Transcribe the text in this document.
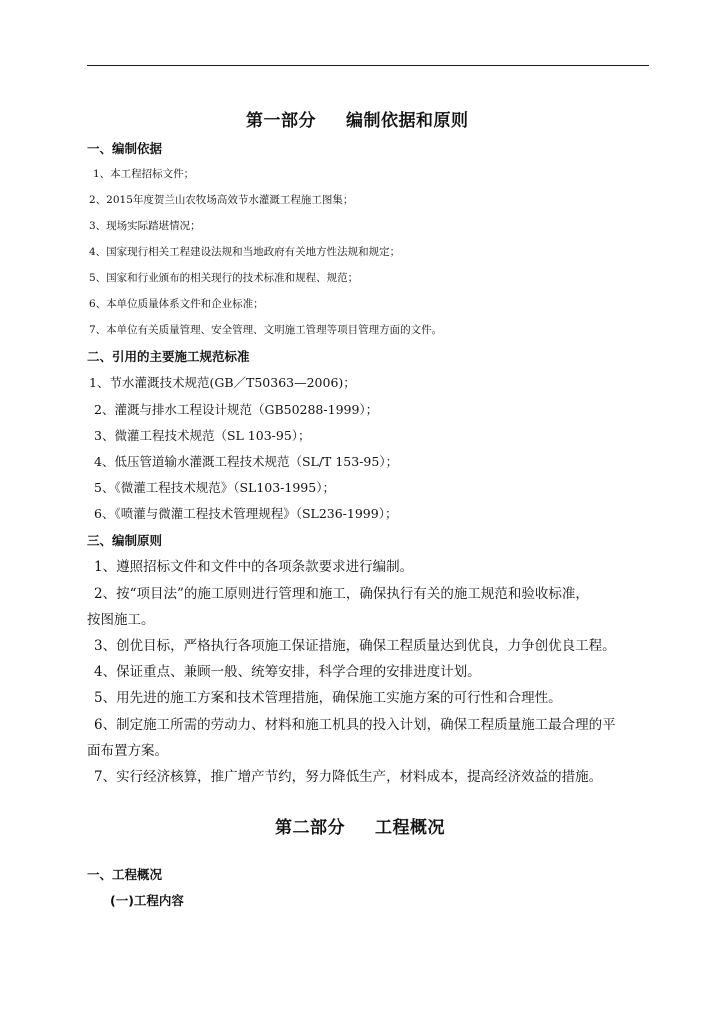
第一部分 编制依据和原则
一、编制依据
1、本工程招标文件；
2、2015年度贺兰山农牧场高效节水灌溉工程施工图集；
3、现场实际踏堪情况；
4、国家现行相关工程建设法规和当地政府有关地方性法规和规定；
5、国家和行业颁布的相关现行的技术标准和规程、规范；
6、本单位质量体系文件和企业标准；
7、本单位有关质量管理、安全管理、文明施工管理等项目管理方面的文件。
二、引用的主要施工规范标准
1、节水灌溉技术规范(GB／T50363—2006)；
2、灌溉与排水工程设计规范（GB50288-1999）；
3、微灌工程技术规范（SL 103-95）；
4、低压管道输水灌溉工程技术规范（SL/T 153-95）；
5、《微灌工程技术规范》（SL103-1995）；
6、《喷灌与微灌工程技术管理规程》（SL236-1999）；
三、编制原则
1、遵照招标文件和文件中的各项条款要求进行编制。
2、按“项目法”的施工原则进行管理和施工，确保执行有关的施工规范和验收标准，
按图施工。
3、创优目标，严格执行各项施工保证措施，确保工程质量达到优良，力争创优良工程。
4、保证重点、兼顾一般、统筹安排，科学合理的安排进度计划。
5、用先进的施工方案和技术管理措施，确保施工实施方案的可行性和合理性。
6、制定施工所需的劳动力、材料和施工机具的投入计划，确保工程质量施工最合理的平
面布置方案。
7、实行经济核算，推广增产节约，努力降低生产，材料成本，提高经济效益的措施。
第二部分 工程概况
一、工程概况
(一)工程内容
